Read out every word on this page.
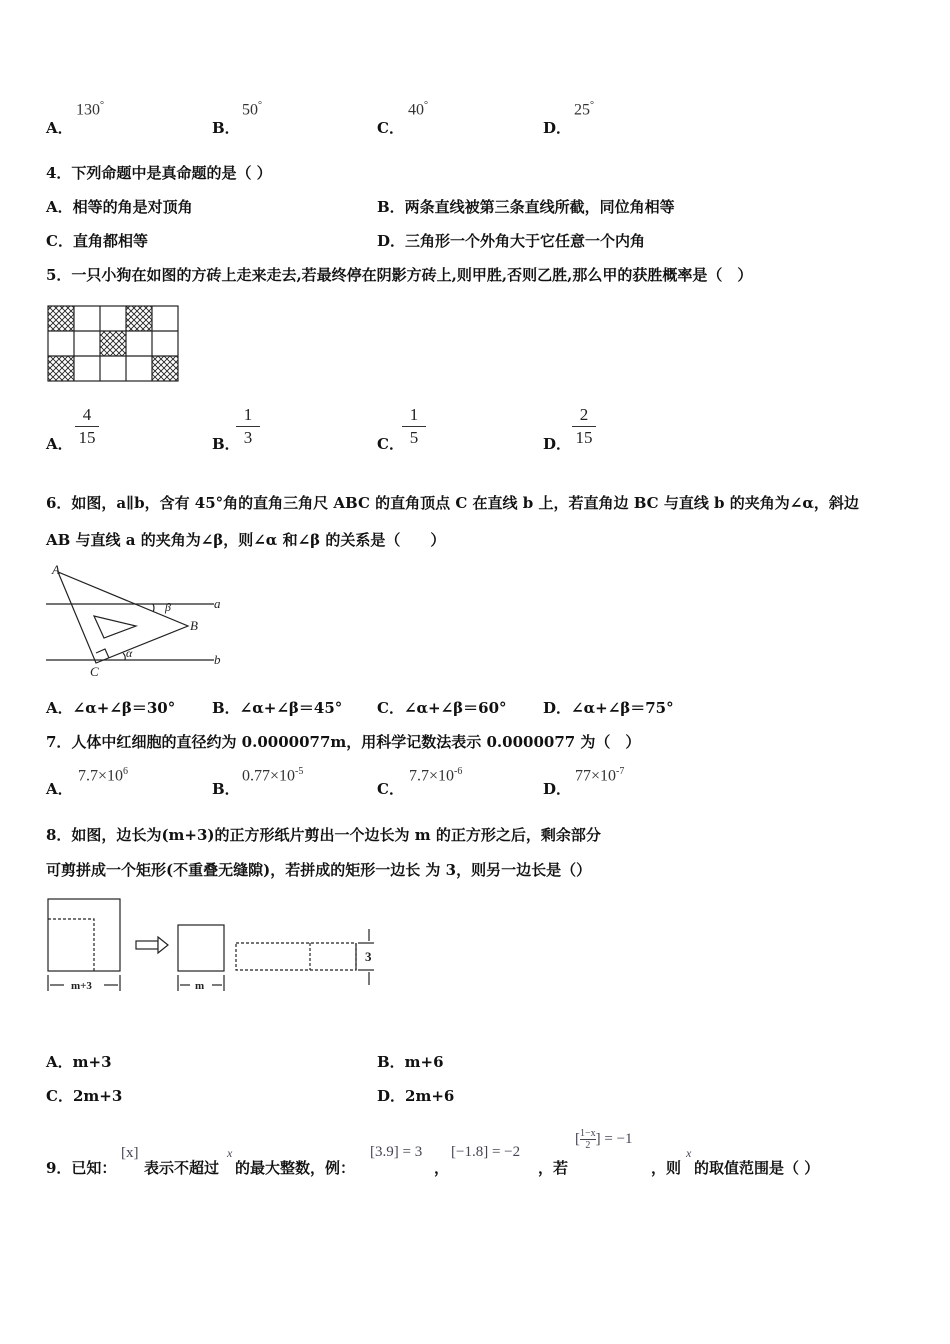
A．
130°
B．
50°
C．
40°
D．
25°
4．下列命题中是真命题的是（ ）
A．相等的角是对顶角	B．两条直线被第三条直线所截，同位角相等
C．直角都相等	D．三角形一个外角大于它任意一个内角
5．一只小狗在如图的方砖上走来走去,若最终停在阴影方砖上,则甲胜,否则乙胜,那么甲的获胜概率是（　）
A．
4
15	B．
1
3	C．
1
5	D．
2
15
6．如图，a∥b，含有 45°角的直角三角尺 ABC 的直角顶点 C 在直线 b 上，若直角边 BC 与直线 b 的夹角为∠α，斜边
AB 与直线 a 的夹角为∠β，则∠α 和∠β 的关系是（　　）
A
B
C
a
b
α
β
A．∠α+∠β＝30° B．∠α+∠β＝45° C．∠α+∠β＝60° D．∠α+∠β＝75°
7．人体中红细胞的直径约为 0.0000077m，用科学记数法表示 0.0000077 为（　）
A．
$7.7\times 10^6$
B．
$0.77\times 10^{-5}$
C．
$7.7\times 10^{-6}$
D．
$77\times 10^{-7}$
8．如图，边长为(m+3)的正方形纸片剪出一个边长为 m 的正方形之后，剩余部分
可剪拼成一个矩形(不重叠无缝隙)，若拼成的矩形一边长 为 3，则另一边长是（）
m+3	m
3
A．m+3	B．m+6
C．2m+3	D．2m+6
9．已知：
[x]
表示不超过
x
的最大整数，例：
[3.9] = 3
，
[−1.8] = −2
，若
[ $\frac{1-x}{2}$ ] = −1
，则
x
的取值范围是（ ）
